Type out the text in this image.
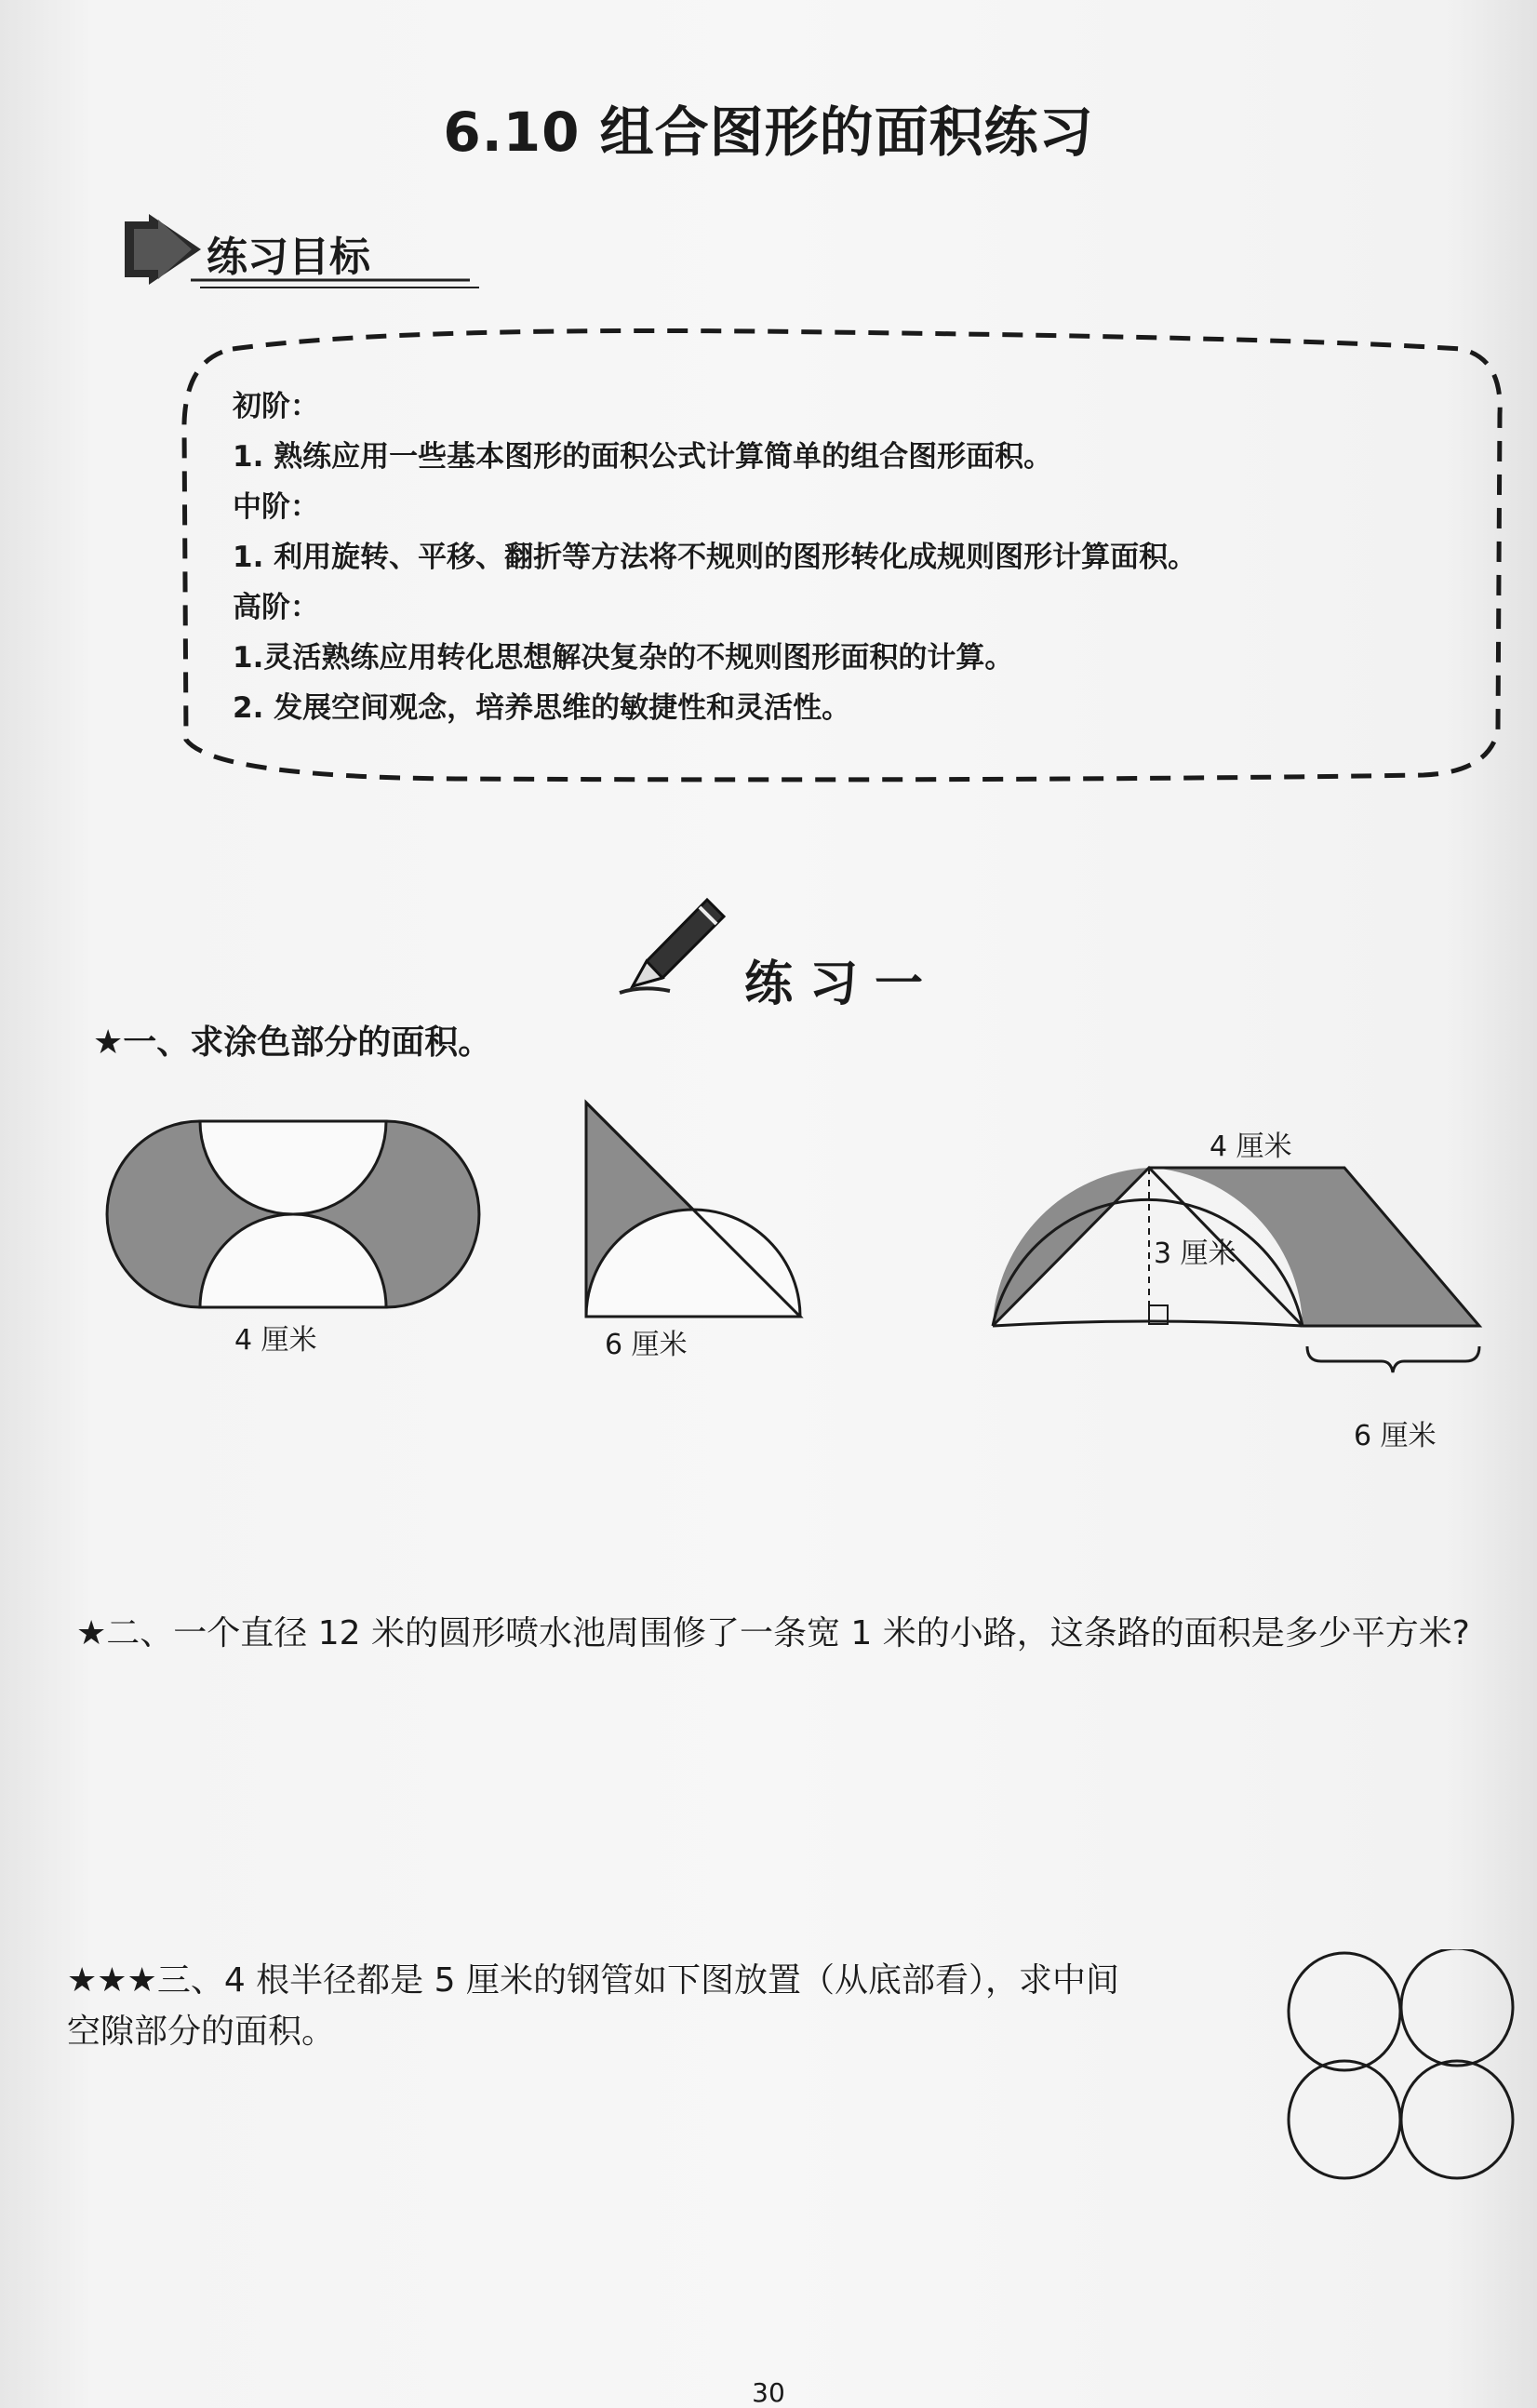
6.10 组合图形的面积练习
练习目标
初阶：
1. 熟练应用一些基本图形的面积公式计算简单的组合图形面积。
中阶：
1. 利用旋转、平移、翻折等方法将不规则的图形转化成规则图形计算面积。
高阶：
1.灵活熟练应用转化思想解决复杂的不规则图形面积的计算。
2. 发展空间观念，培养思维的敏捷性和灵活性。
练习一
★一、求涂色部分的面积。
4 厘米	6 厘米
4 厘米
3 厘米
6 厘米
★二、一个直径 12 米的圆形喷水池周围修了一条宽 1 米的小路，这条路的面积是多少平方米?
★★★三、4 根半径都是 5 厘米的钢管如下图放置（从底部看），求中间
空隙部分的面积。
30
